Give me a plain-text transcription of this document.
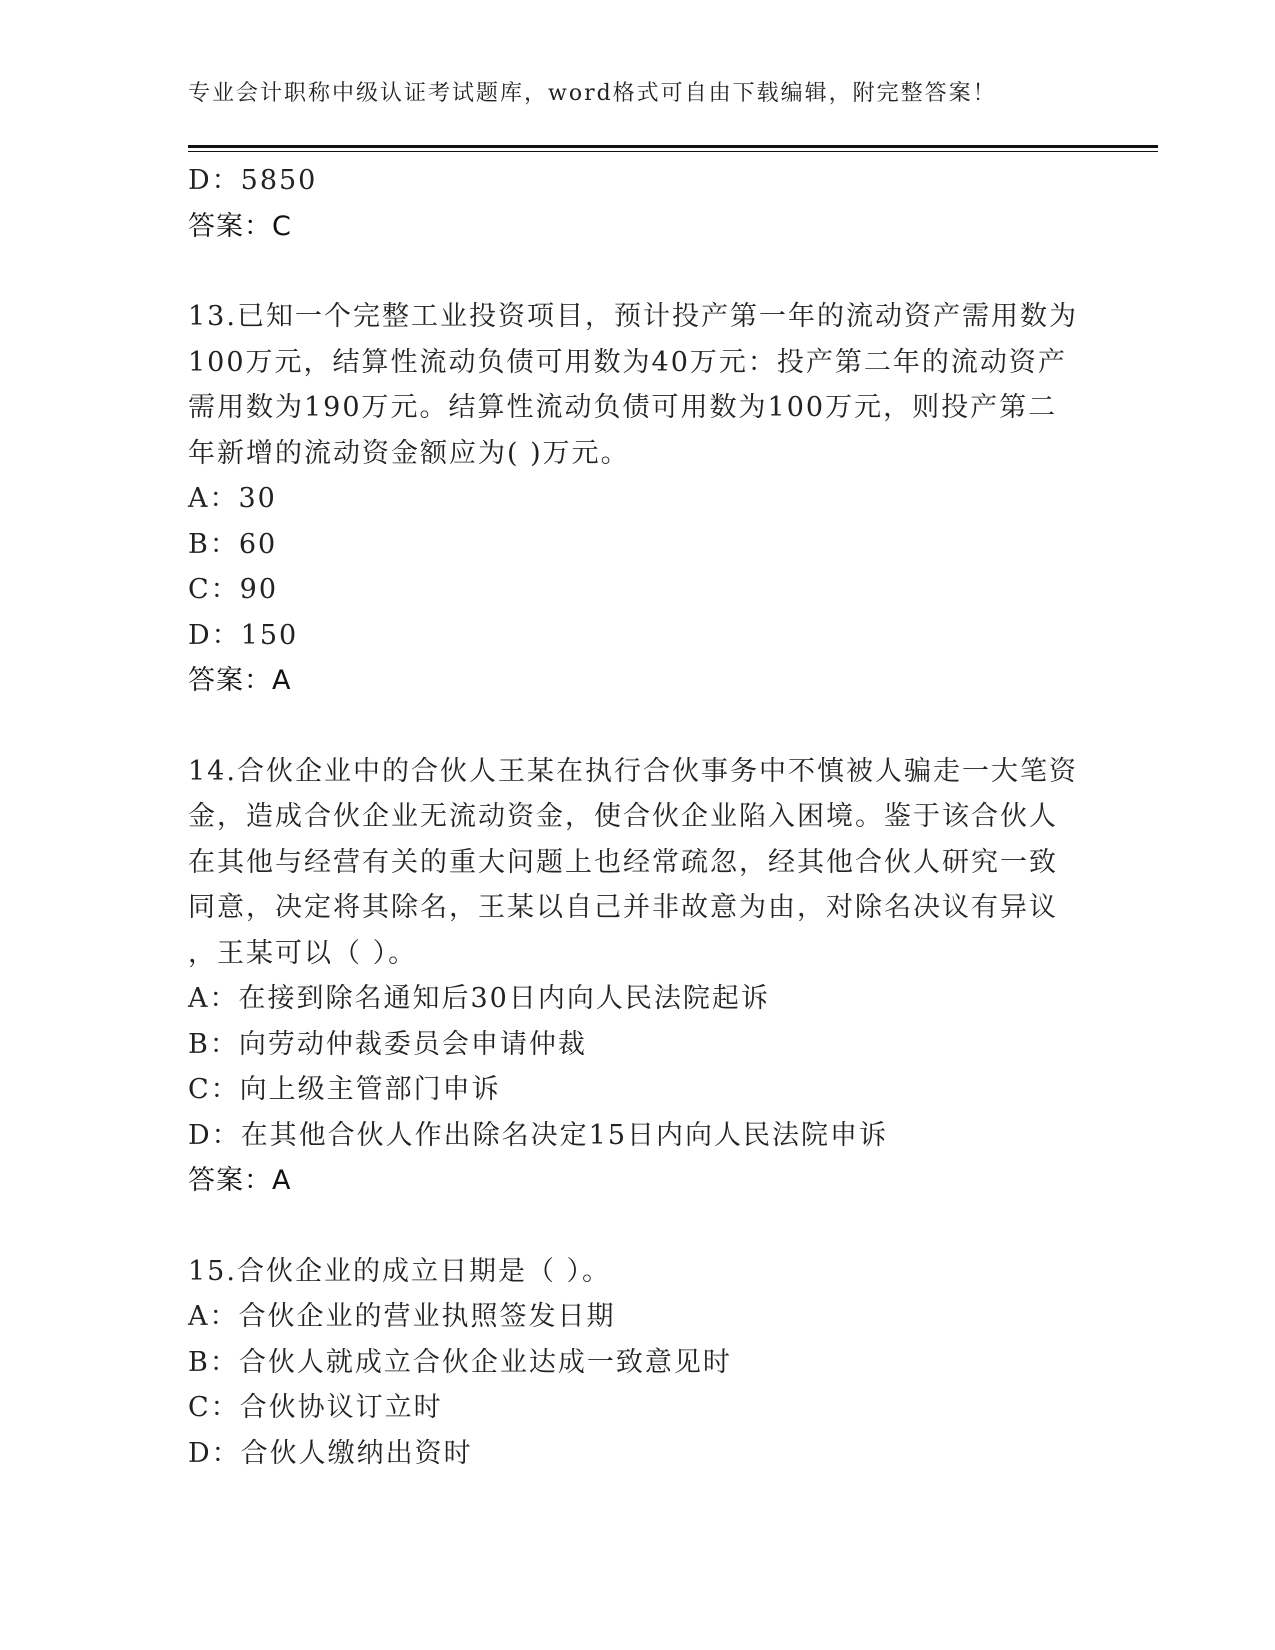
专业会计职称中级认证考试题库，word格式可自由下载编辑，附完整答案！
D：5850
答案：C
13.已知一个完整工业投资项目，预计投产第一年的流动资产需用数为
100万元，结算性流动负债可用数为40万元：投产第二年的流动资产
需用数为190万元。结算性流动负债可用数为100万元，则投产第二
年新增的流动资金额应为( )万元。
A：30
B：60
C：90
D：150
答案：A
14.合伙企业中的合伙人王某在执行合伙事务中不慎被人骗走一大笔资
金，造成合伙企业无流动资金，使合伙企业陷入困境。鉴于该合伙人
在其他与经营有关的重大问题上也经常疏忽，经其他合伙人研究一致
同意，决定将其除名，王某以自己并非故意为由，对除名决议有异议
，王某可以（ ）。
A：在接到除名通知后30日内向人民法院起诉
B：向劳动仲裁委员会申请仲裁
C：向上级主管部门申诉
D：在其他合伙人作出除名决定15日内向人民法院申诉
答案：A
15.合伙企业的成立日期是（ ）。
A：合伙企业的营业执照签发日期
B：合伙人就成立合伙企业达成一致意见时
C：合伙协议订立时
D：合伙人缴纳出资时
